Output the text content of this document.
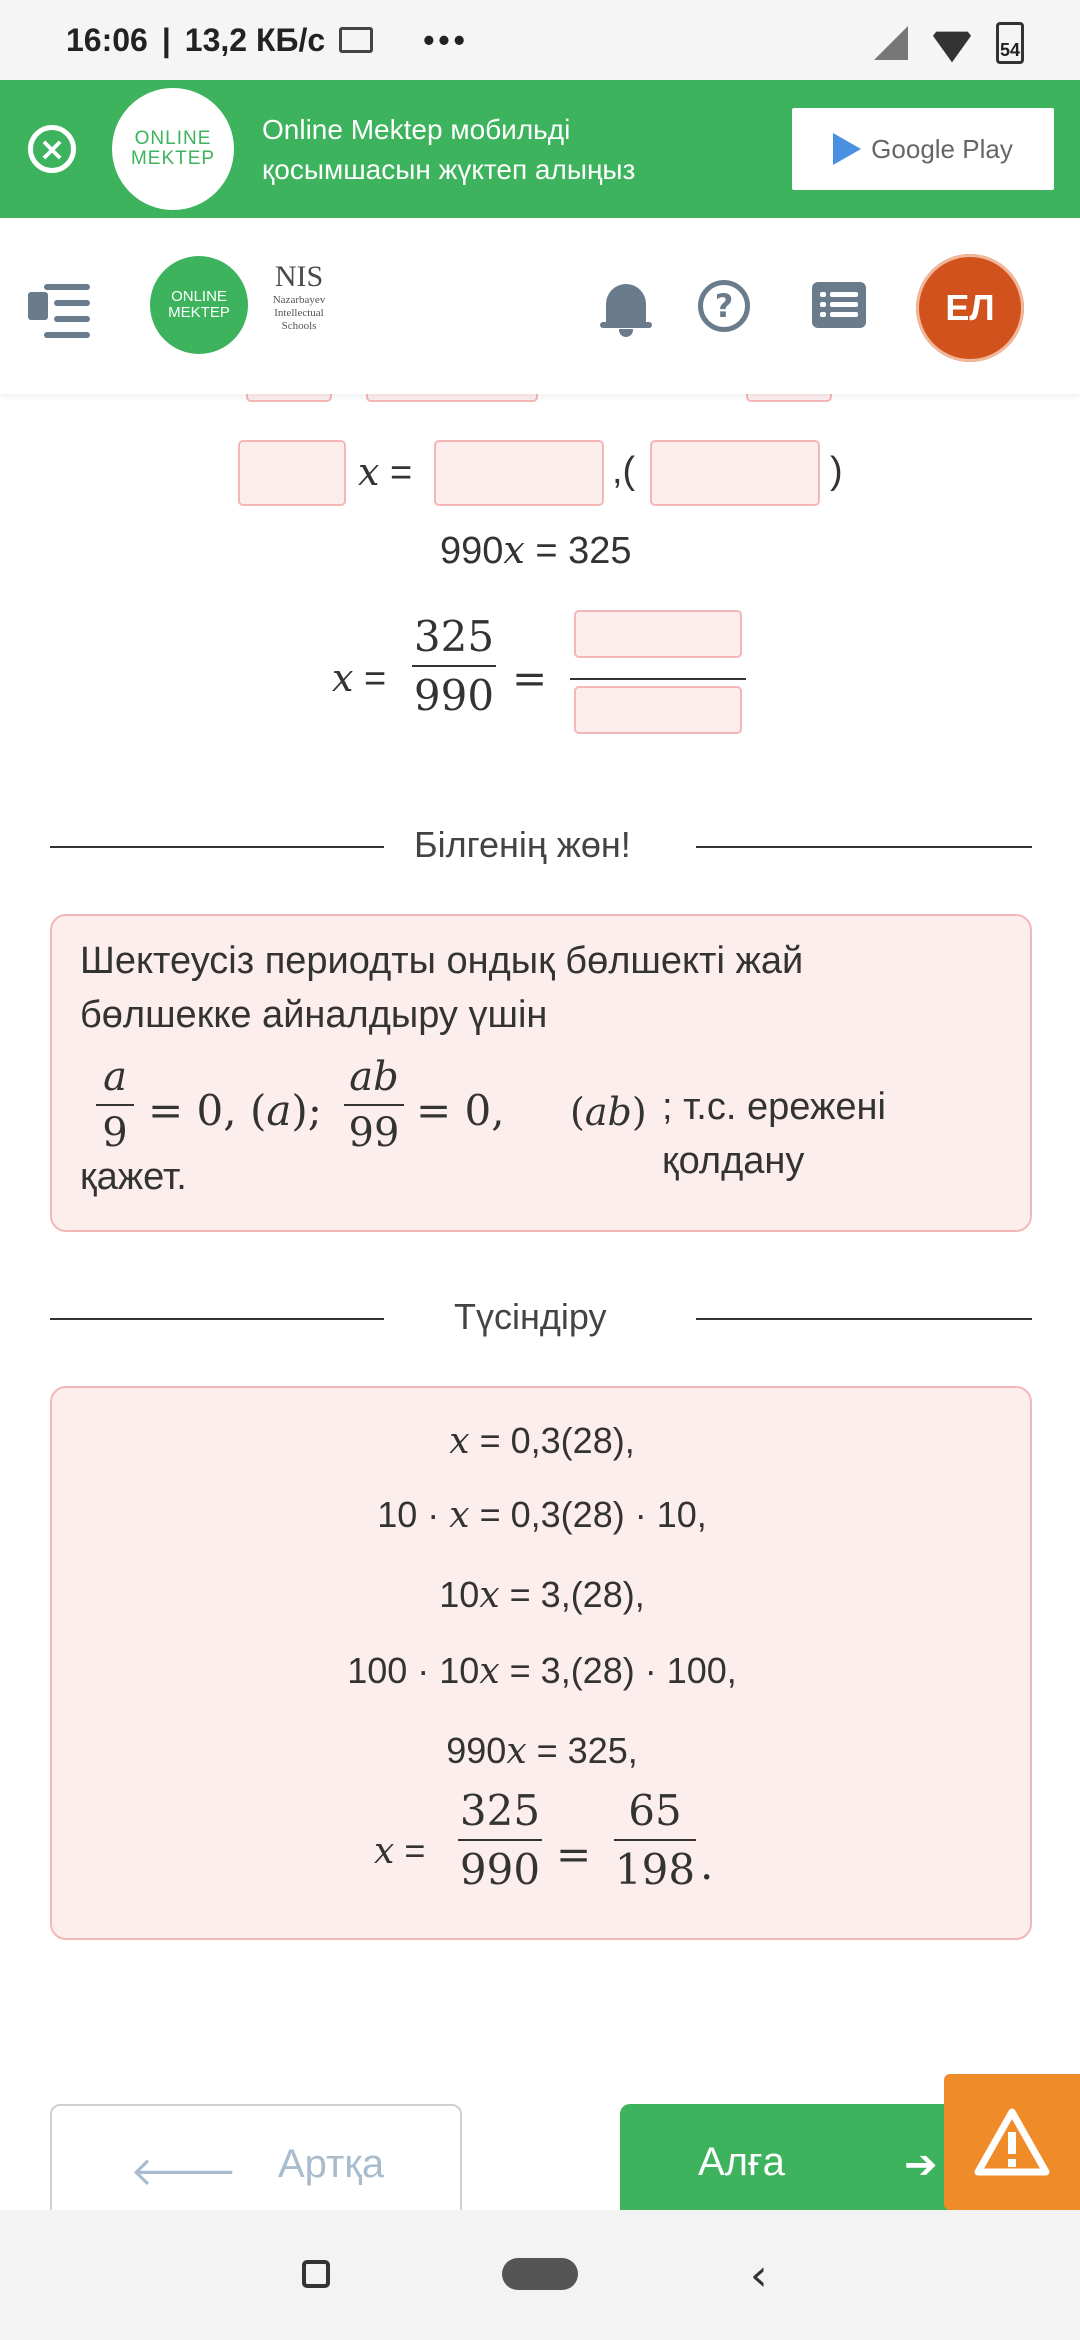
16:06 | 13,2 КБ/с	•••	54
×	ONLINE
MEKTEP
Online Mektep мобильді
қосымшасын жүктеп алыңыз
Google Play
ONLINE
MEKTEP
NIS
Nazarbayev
Intellectual
Schools
?	ЕЛ
x =	,(	)
990x = 325
x =
325
990 =
Білгенің жөн!
Шектеусіз периодты ондық бөлшекті жай
бөлшекке айналдыру үшін
a
9 = 0, (a);
ab
99 = 0, (ab) ; т.с. ережені қолдану
қажет.
Түсіндіру
x = 0,3(28),
10 · x = 0,3(28) · 10,
10x = 3,(28),
100 · 10x = 3,(28) · 100,
990x = 325,
x =
325
990 =
65
198 .
🡐 Артқа	Алға	➔
‹
